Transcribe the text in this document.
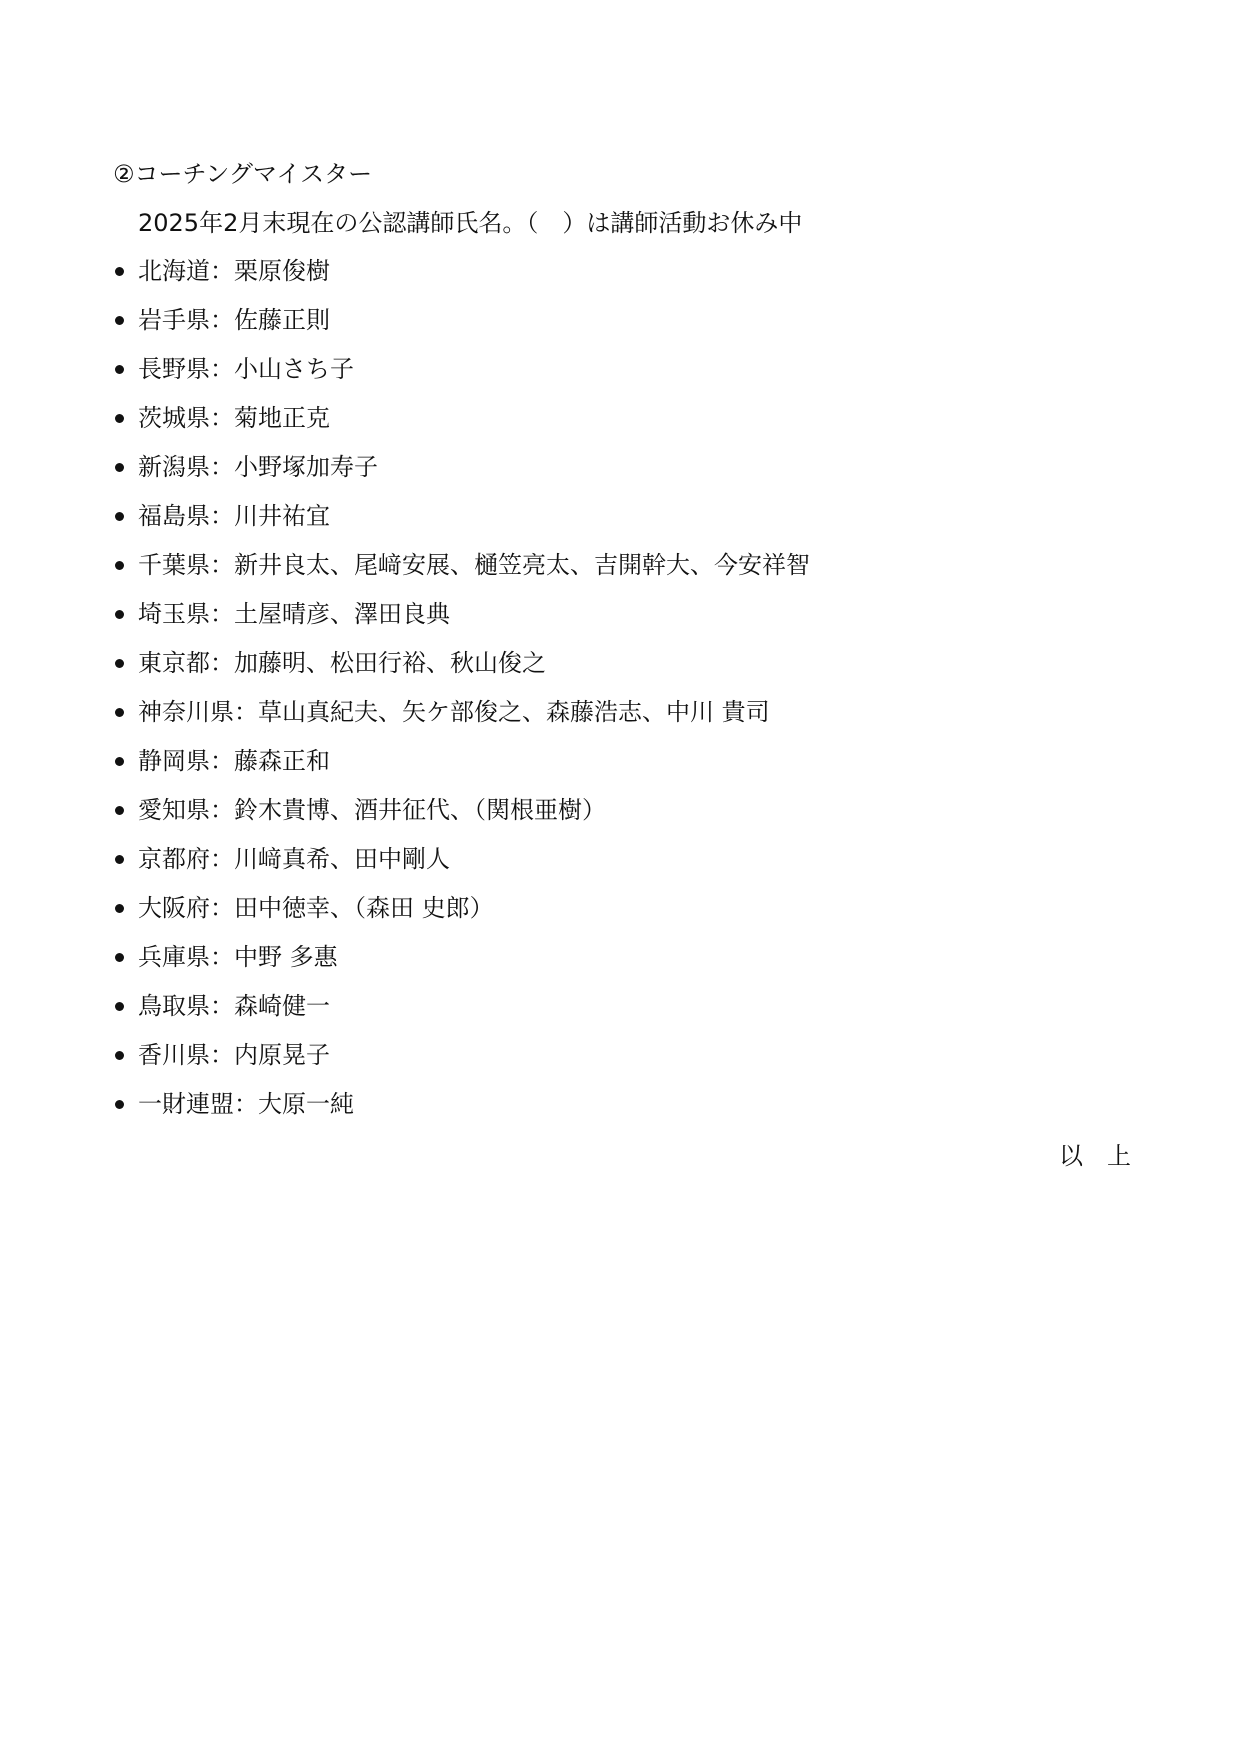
②コーチングマイスター
2025年2月末現在の公認講師氏名。（　）は講師活動お休み中
北海道：栗原俊樹
岩手県：佐藤正則
長野県：小山さち子
茨城県：菊地正克
新潟県：小野塚加寿子
福島県：川井祐宜
千葉県：新井良太、尾﨑安展、樋笠亮太、吉開幹大、今安祥智
埼玉県：土屋晴彦、澤田良典
東京都：加藤明、松田行裕、秋山俊之
神奈川県：草山真紀夫、矢ケ部俊之、森藤浩志、中川 貴司
静岡県：藤森正和
愛知県：鈴木貴博、酒井征代、（関根亜樹）
京都府：川﨑真希、田中剛人
大阪府：田中徳幸、（森田 史郎）
兵庫県：中野 多惠
鳥取県：森崎健一
香川県：内原晃子
一財連盟：大原一純
以　上
